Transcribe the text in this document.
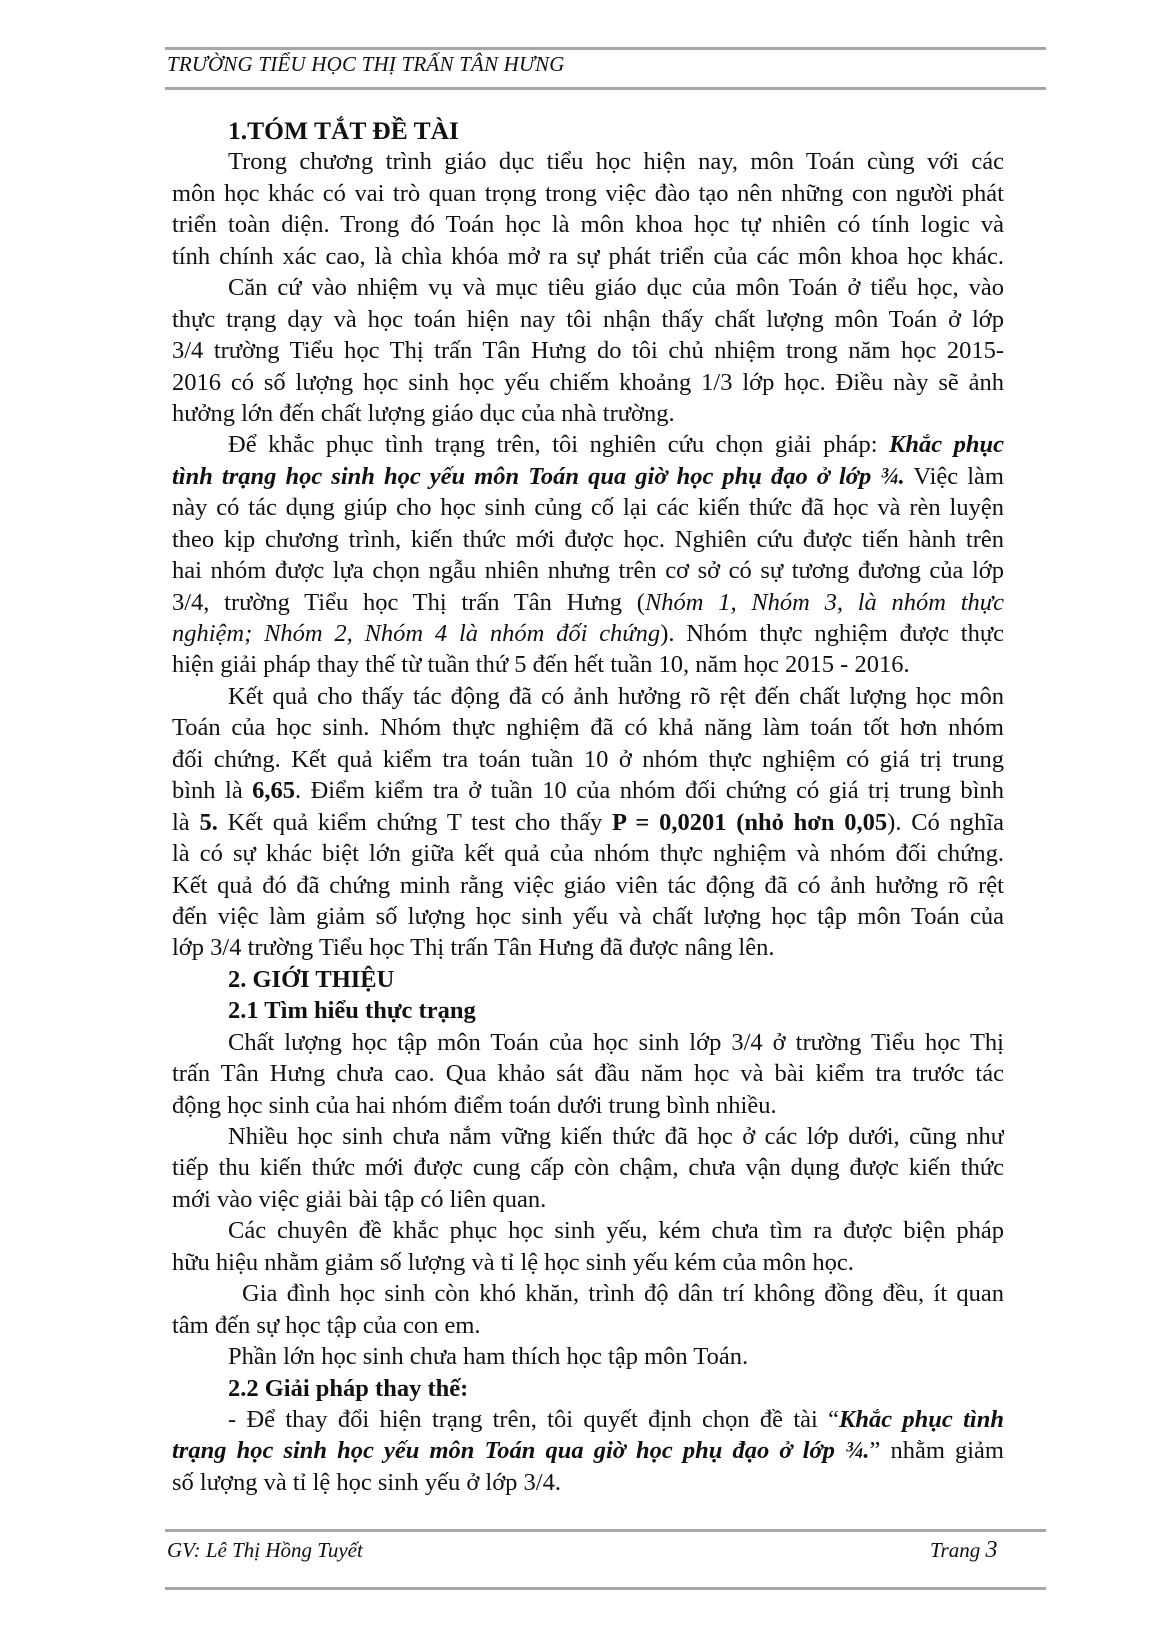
TRƯỜNG TIỂU HỌC THỊ TRẤN TÂN HƯNG
1.TÓM TẮT ĐỀ TÀI
Trong chương trình giáo dục tiểu học hiện nay, môn Toán cùng với các
môn học khác có vai trò quan trọng trong việc đào tạo nên những con người phát
triển toàn diện. Trong đó Toán học là môn khoa học tự nhiên có tính logic và
tính chính xác cao, là chìa khóa mở ra sự phát triển của các môn khoa học khác.
Căn cứ vào nhiệm vụ và mục tiêu giáo dục của môn Toán ở tiểu học, vào
thực trạng dạy và học toán hiện nay tôi nhận thấy chất lượng môn Toán ở lớp
3/4 trường Tiểu học Thị trấn Tân Hưng do tôi chủ nhiệm trong năm học 2015-
2016 có số lượng học sinh học yếu chiếm khoảng 1/3 lớp học. Điều này sẽ ảnh
hưởng lớn đến chất lượng giáo dục của nhà trường.
Để khắc phục tình trạng trên, tôi nghiên cứu chọn giải pháp: Khắc phục
tình trạng học sinh học yếu môn Toán qua giờ học phụ đạo ở lớp ¾. Việc làm
này có tác dụng giúp cho học sinh củng cố lại các kiến thức đã học và rèn luyện
theo kịp chương trình, kiến thức mới được học. Nghiên cứu được tiến hành trên
hai nhóm được lựa chọn ngẫu nhiên nhưng trên cơ sở có sự tương đương của lớp
3/4, trường Tiểu học Thị trấn Tân Hưng (Nhóm 1, Nhóm 3, là nhóm thực
nghiệm; Nhóm 2, Nhóm 4 là nhóm đối chứng). Nhóm thực nghiệm được thực
hiện giải pháp thay thế từ tuần thứ 5 đến hết tuần 10, năm học 2015 - 2016.
Kết quả cho thấy tác động đã có ảnh hưởng rõ rệt đến chất lượng học môn
Toán của học sinh. Nhóm thực nghiệm đã có khả năng làm toán tốt hơn nhóm
đối chứng. Kết quả kiểm tra toán tuần 10 ở nhóm thực nghiệm có giá trị trung
bình là 6,65. Điểm kiểm tra ở tuần 10 của nhóm đối chứng có giá trị trung bình
là 5. Kết quả kiểm chứng T test cho thấy P = 0,0201 (nhỏ hơn 0,05). Có nghĩa
là có sự khác biệt lớn giữa kết quả của nhóm thực nghiệm và nhóm đối chứng.
Kết quả đó đã chứng minh rằng việc giáo viên tác động đã có ảnh hưởng rõ rệt
đến việc làm giảm số lượng học sinh yếu và chất lượng học tập môn Toán của
lớp 3/4 trường Tiểu học Thị trấn Tân Hưng đã được nâng lên.
2. GIỚI THIỆU
2.1 Tìm hiểu thực trạng
Chất lượng học tập môn Toán của học sinh lớp 3/4 ở trường Tiểu học Thị
trấn Tân Hưng chưa cao. Qua khảo sát đầu năm học và bài kiểm tra trước tác
động học sinh của hai nhóm điểm toán dưới trung bình nhiều.
Nhiều học sinh chưa nắm vững kiến thức đã học ở các lớp dưới, cũng như
tiếp thu kiến thức mới được cung cấp còn chậm, chưa vận dụng được kiến thức
mới vào việc giải bài tập có liên quan.
Các chuyên đề khắc phục học sinh yếu, kém chưa tìm ra được biện pháp
hữu hiệu nhằm giảm số lượng và tỉ lệ học sinh yếu kém của môn học.
Gia đình học sinh còn khó khăn, trình độ dân trí không đồng đều, ít quan
tâm đến sự học tập của con em.
Phần lớn học sinh chưa ham thích học tập môn Toán.
2.2 Giải pháp thay thế:
- Để thay đổi hiện trạng trên, tôi quyết định chọn đề tài “Khắc phục tình
trạng học sinh học yếu môn Toán qua giờ học phụ đạo ở lớp ¾.” nhằm giảm
số lượng và tỉ lệ học sinh yếu ở lớp 3/4.
GV: Lê Thị Hồng Tuyết	Trang 3
